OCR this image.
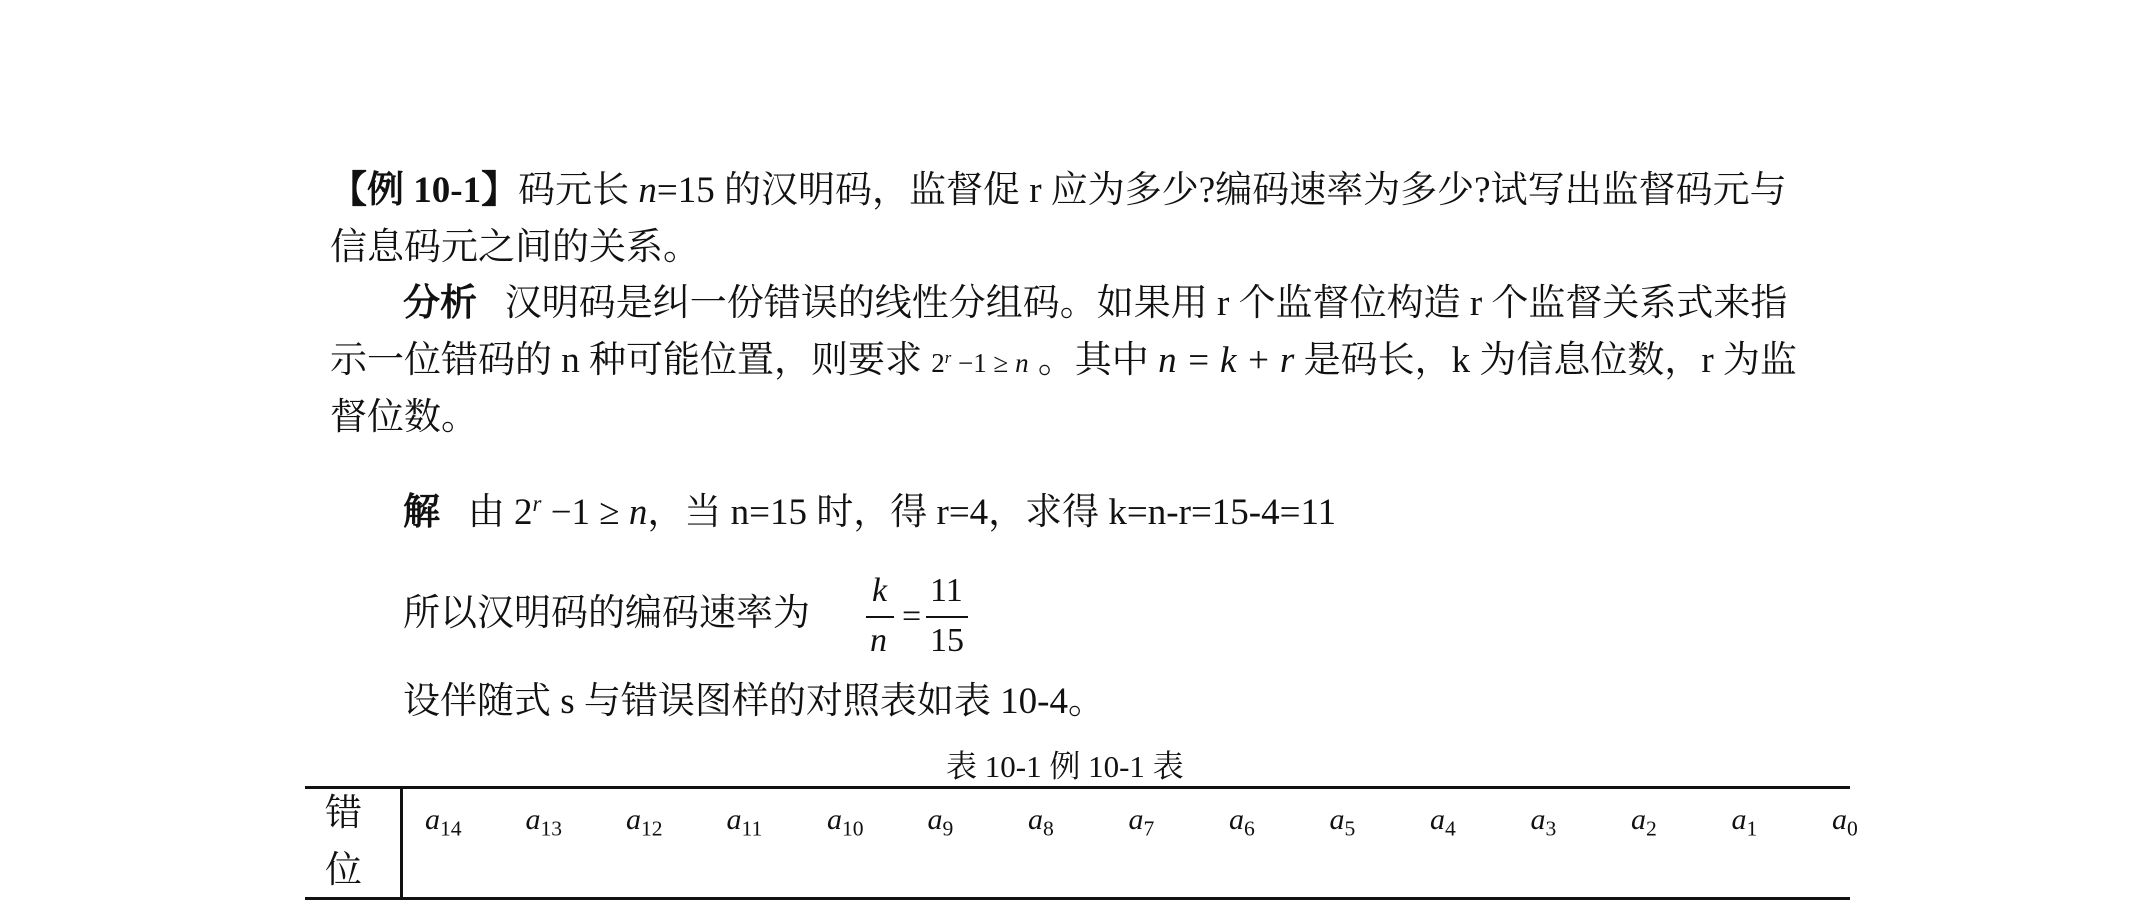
【例 10-1】码元长 n=15 的汉明码，监督促 r 应为多少?编码速率为多少?试写出监督码元与
信息码元之间的关系。
分析 汉明码是纠一份错误的线性分组码。如果用 r 个监督位构造 r 个监督关系式来指
示一位错码的 n 种可能位置，则要求 $2^r -1 \ge n$ 。其中 n = k + r 是码长，k 为信息位数，r 为监
督位数。
解 由 $2^r -1 \ge n$，当 n=15 时，得 r=4，求得 k=n-r=15-4=11
所以汉明码的编码速率为
k
n
=
11
15
设伴随式 s 与错误图样的对照表如表 10-4。
表 10-1 例 10-1 表
错
位
$a_{14}$ $a_{13}$ $a_{12}$ $a_{11}$ $a_{10}$ $a_9$ $a_8$ $a_7$ $a_6$ $a_5$ $a_4$ $a_3$ $a_2$ $a_1$ $a_0$
